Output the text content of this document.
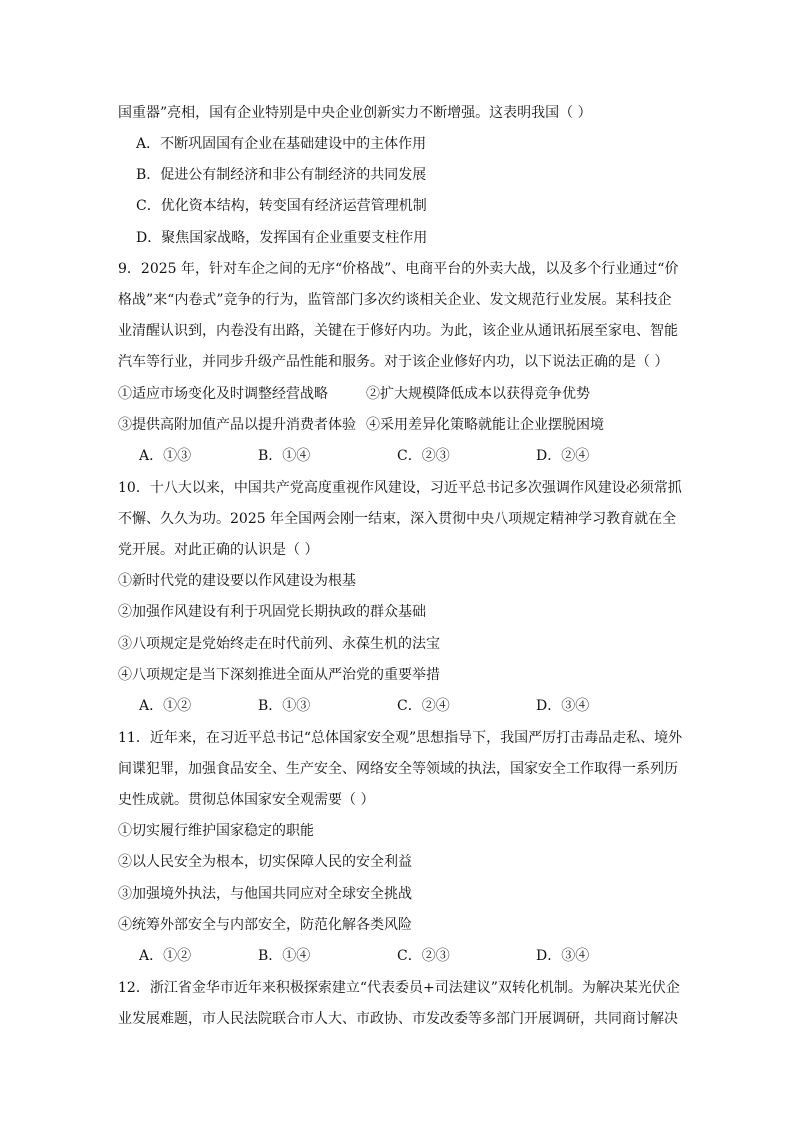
国重器”亮相，国有企业特别是中央企业创新实力不断增强。这表明我国（ ）
A．不断巩固国有企业在基础建设中的主体作用
B．促进公有制经济和非公有制经济的共同发展
C．优化资本结构，转变国有经济运营管理机制
D．聚焦国家战略，发挥国有企业重要支柱作用
9．2025 年，针对车企之间的无序“价格战”、电商平台的外卖大战，以及多个行业通过“价
格战”来“内卷式”竞争的行为，监管部门多次约谈相关企业、发文规范行业发展。某科技企
业清醒认识到，内卷没有出路，关键在于修好内功。为此，该企业从通讯拓展至家电、智能
汽车等行业，并同步升级产品性能和服务。对于该企业修好内功，以下说法正确的是（ ）
①适应市场变化及时调整经营战略	②扩大规模降低成本以获得竞争优势
③提供高附加值产品以提升消费者体验 ④采用差异化策略就能让企业摆脱困境
A．①③	B．①④	C．②③	D．②④
10．十八大以来，中国共产党高度重视作风建设，习近平总书记多次强调作风建设必须常抓
不懈、久久为功。2025 年全国两会刚一结束，深入贯彻中央八项规定精神学习教育就在全
党开展。对此正确的认识是（ ）
①新时代党的建设要以作风建设为根基
②加强作风建设有利于巩固党长期执政的群众基础
③八项规定是党始终走在时代前列、永葆生机的法宝
④八项规定是当下深刻推进全面从严治党的重要举措
A．①②	B．①③	C．②④	D．③④
11．近年来，在习近平总书记“总体国家安全观”思想指导下，我国严厉打击毒品走私、境外
间谍犯罪，加强食品安全、生产安全、网络安全等领域的执法，国家安全工作取得一系列历
史性成就。贯彻总体国家安全观需要（ ）
①切实履行维护国家稳定的职能
②以人民安全为根本，切实保障人民的安全利益
③加强境外执法，与他国共同应对全球安全挑战
④统筹外部安全与内部安全，防范化解各类风险
A．①②	B．①④	C．②③	D．③④
12．浙江省金华市近年来积极探索建立“代表委员+司法建议”双转化机制。为解决某光伏企
业发展难题，市人民法院联合市人大、市政协、市发改委等多部门开展调研，共同商讨解决
